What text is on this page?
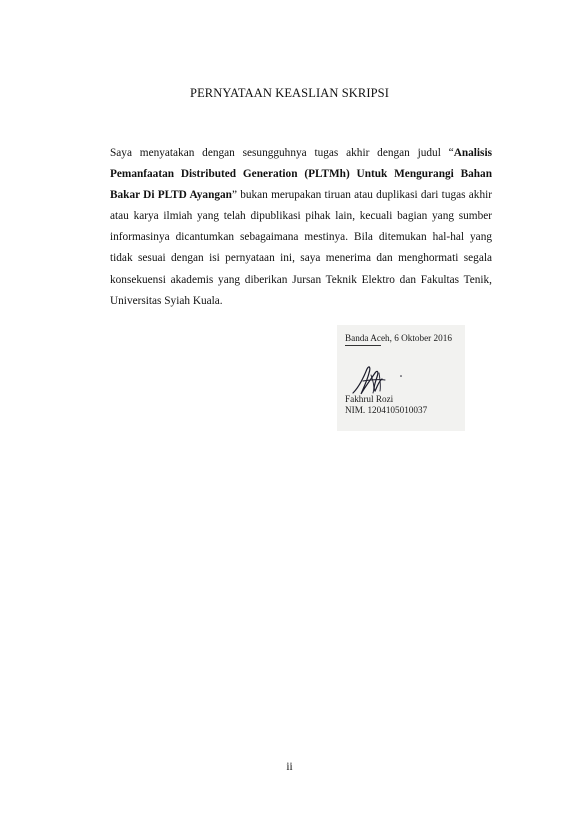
PERNYATAAN KEASLIAN SKRIPSI

Saya menyatakan dengan sesungguhnya tugas akhir dengan judul “Analisis Pemanfaatan Distributed Generation (PLTMh) Untuk Mengurangi Bahan Bakar Di PLTD Ayangan” bukan merupakan tiruan atau duplikasi dari tugas akhir atau karya ilmiah yang telah dipublikasi pihak lain, kecuali bagian yang sumber informasinya dicantumkan sebagaimana mestinya. Bila ditemukan hal-hal yang tidak sesuai dengan isi pernyataan ini, saya menerima dan menghormati segala konsekuensi akademis yang diberikan Jursan Teknik Elektro dan Fakultas Tenik, Universitas Syiah Kuala.

Banda Aceh, 6 Oktober 2016
Fakhrul Rozi
NIM. 1204105010037
ii
